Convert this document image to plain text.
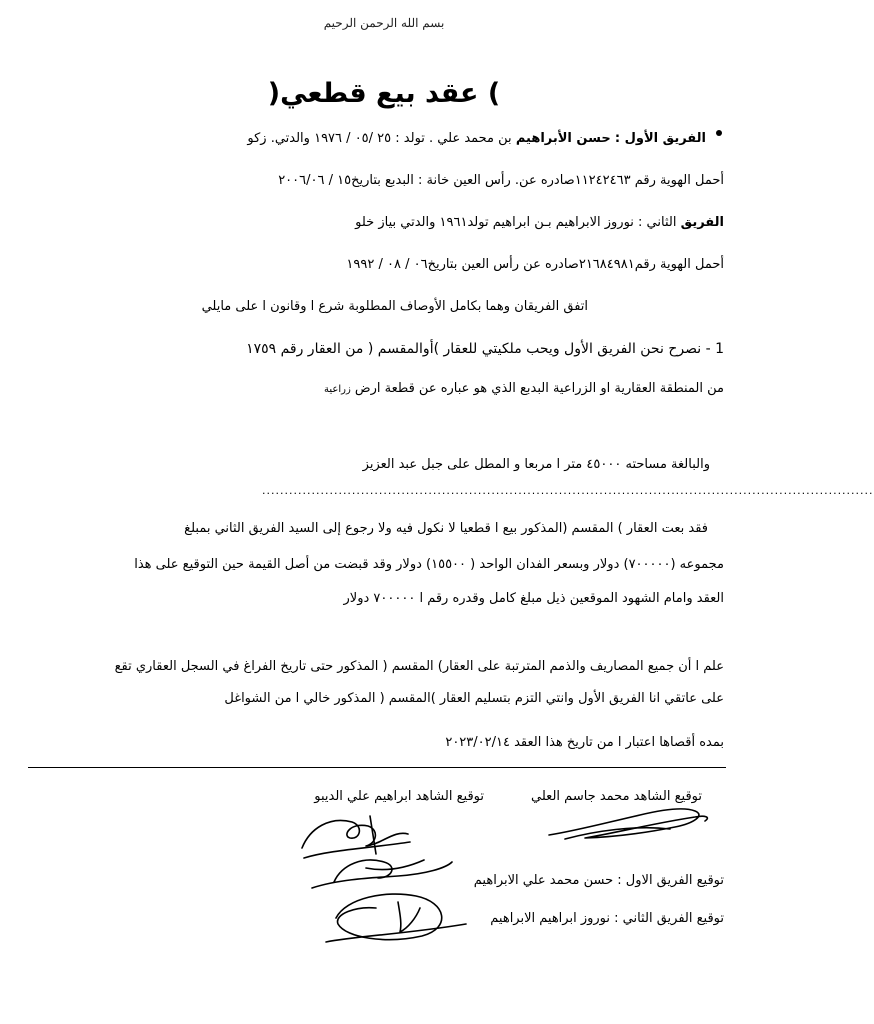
بسم الله الرحمن الرحيم
) عقد بيع قطعي(
الفريق الأول : حسن الأبراهيم بن محمد علي . تولد : ٢٥ /٠٥ / ١٩٧٦ والدتي. زكو
أحمل الهوية رقم ١١٢٤٢٤٦٣صادره عن. رأس العين خانة : البدبع بتاريخ١٥ / ٢٠٠٦/٠٦
الفريق الثاني : نوروز الابراهيم بـن ابراهيم تولد١٩٦١ والدتي بياز خلو
أحمل الهوية رقم٢١٦٨٤٩٨١صادره عن رأس العين بتاريخ٠٦ / ٠٨ / ١٩٩٢
اتفق الفريقان وهما بكامل الأوصاف المطلوبة شرع ا وقانون ا على مايلي
1 - نصرح نحن الفريق الأول ويحب ملكيتي للعقار )أوالمقسم ( من العقار رقم ١٧٥٩
من المنطقة العقارية او الزراعية البدبع الذي هو عباره عن قطعة ارض زراعية
والبالغة مساحته ٤٥٠٠٠ متر ا مربعا و المطل على جبل عبد العزيز
........................................................................................................................................
فقد بعت العقار ) المقسم (المذكور بيع ا قطعيا لا نكول فيه ولا رجوع إلى السيد الفريق الثاني بمبلغ
مجموعه (٧٠٠٠٠٠) دولار وبسعر الفدان الواحد ( ١٥٥٠٠) دولار وقد قبضت من أصل القيمة حين التوقيع على هذا
العقد وامام الشهود الموقعين ذيل مبلغ كامل وقدره رقم ا ٧٠٠٠٠٠ دولار
علم ا أن جميع المصاريف والذمم المترتبة على العقار) المقسم ( المذكور حتى تاريخ الفراغ في السجل العقاري تقع
على عاتقي انا الفريق الأول وانتي التزم بتسليم العقار )المقسم ( المذكور خالي ا من الشواغل
بمده أقصاها اعتبار ا من تاريخ هذا العقد ٢٠٢٣/٠٢/١٤
توقيع الشاهد محمد جاسم العلي
توقيع الشاهد ابراهيم علي الديبو
توقيع الفريق الاول : حسن محمد علي الابراهيم
توقيع الفريق الثاني : نوروز ابراهيم الابراهيم
